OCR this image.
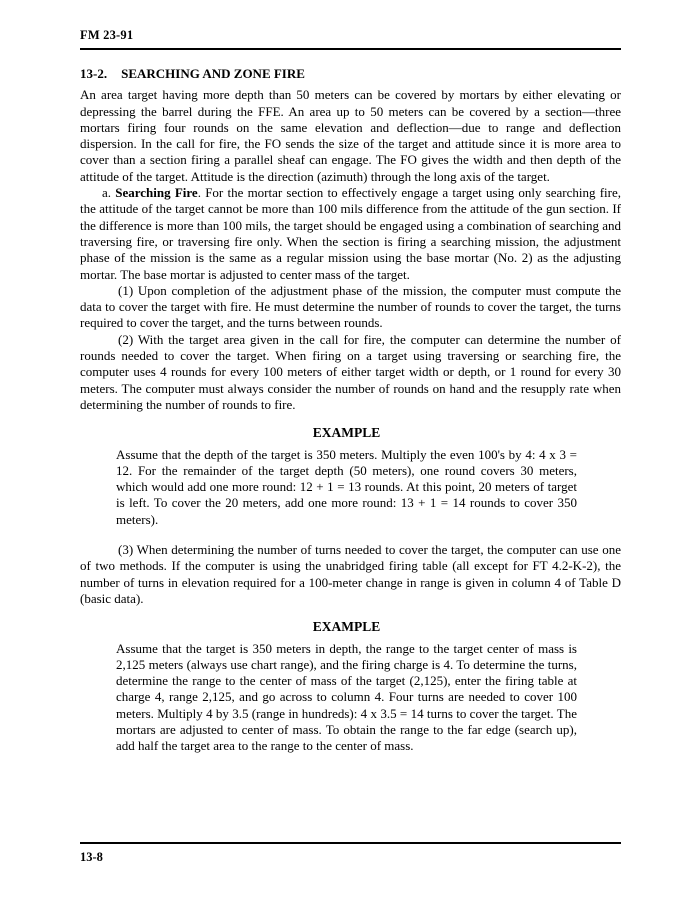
FM 23-91
13-2. SEARCHING AND ZONE FIRE

An area target having more depth than 50 meters can be covered by mortars by either elevating or depressing the barrel during the FFE. An area up to 50 meters can be covered by a section—three mortars firing four rounds on the same elevation and deflection—due to range and deflection dispersion. In the call for fire, the FO sends the size of the target and attitude since it is more area to cover than a section firing a parallel sheaf can engage. The FO gives the width and then depth of the attitude of the target. Attitude is the direction (azimuth) through the long axis of the target.

a. Searching Fire. For the mortar section to effectively engage a target using only searching fire, the attitude of the target cannot be more than 100 mils difference from the attitude of the gun section. If the difference is more than 100 mils, the target should be engaged using a combination of searching and traversing fire, or traversing fire only. When the section is firing a searching mission, the adjustment phase of the mission is the same as a regular mission using the base mortar (No. 2) as the adjusting mortar. The base mortar is adjusted to center mass of the target.

(1) Upon completion of the adjustment phase of the mission, the computer must compute the data to cover the target with fire. He must determine the number of rounds to cover the target, the turns required to cover the target, and the turns between rounds.

(2) With the target area given in the call for fire, the computer can determine the number of rounds needed to cover the target. When firing on a target using traversing or searching fire, the computer uses 4 rounds for every 100 meters of either target width or depth, or 1 round for every 30 meters. The computer must always consider the number of rounds on hand and the resupply rate when determining the number of rounds to fire.

EXAMPLE

Assume that the depth of the target is 350 meters. Multiply the even 100's by 4: 4 x 3 = 12. For the remainder of the target depth (50 meters), one round covers 30 meters, which would add one more round: 12 + 1 = 13 rounds. At this point, 20 meters of target is left. To cover the 20 meters, add one more round: 13 + 1 = 14 rounds to cover 350 meters).

(3) When determining the number of turns needed to cover the target, the computer can use one of two methods. If the computer is using the unabridged firing table (all except for FT 4.2-K-2), the number of turns in elevation required for a 100-meter change in range is given in column 4 of Table D (basic data).

EXAMPLE

Assume that the target is 350 meters in depth, the range to the target center of mass is 2,125 meters (always use chart range), and the firing charge is 4. To determine the turns, determine the range to the center of mass of the target (2,125), enter the firing table at charge 4, range 2,125, and go across to column 4. Four turns are needed to cover 100 meters. Multiply 4 by 3.5 (range in hundreds): 4 x 3.5 = 14 turns to cover the target. The mortars are adjusted to center of mass. To obtain the range to the far edge (search up), add half the target area to the range to the center of mass.

13-8
